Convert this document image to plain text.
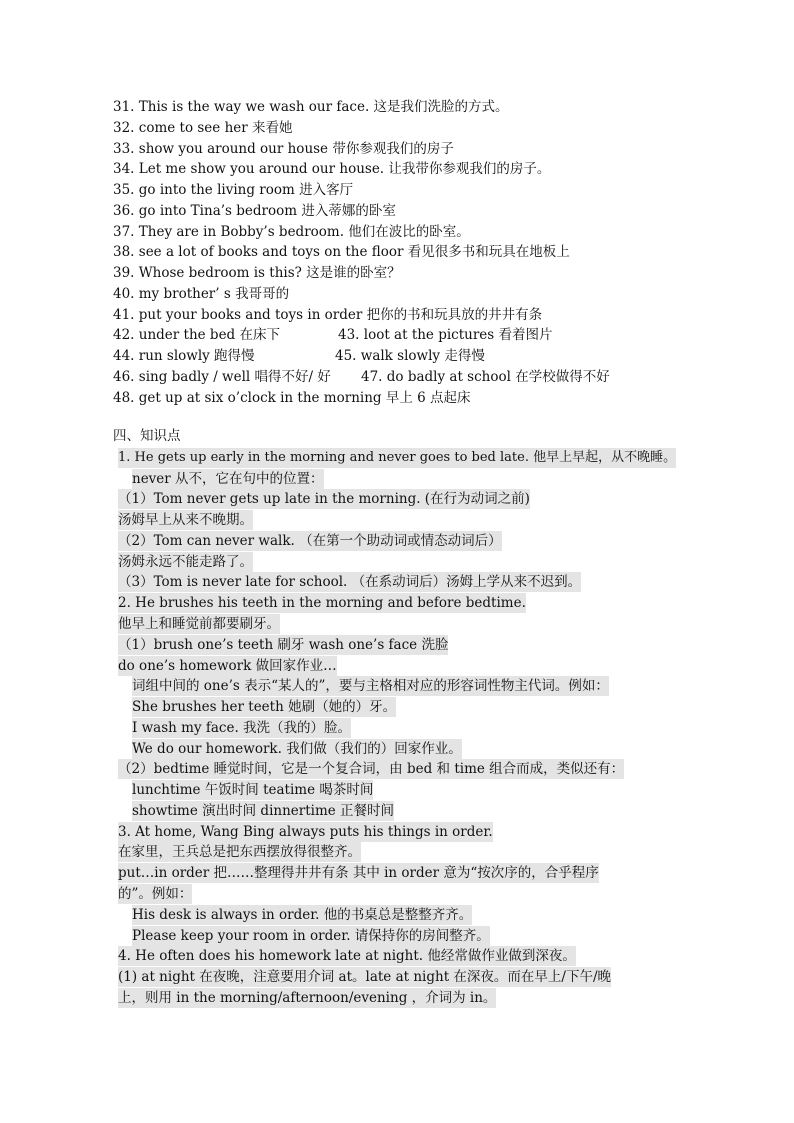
31. This is the way we wash our face. 这是我们洗脸的方式。
32. come to see her 来看她
33. show you around our house 带你参观我们的房子
34. Let me show you around our house. 让我带你参观我们的房子。
35. go into the living room 进入客厅
36. go into Tina’s bedroom 进入蒂娜的卧室
37. They are in Bobby’s bedroom. 他们在波比的卧室。
38. see a lot of books and toys on the floor 看见很多书和玩具在地板上
39. Whose bedroom is this? 这是谁的卧室？
40. my brother’ s 我哥哥的
41. put your books and toys in order 把你的书和玩具放的井井有条
42. under the bed 在床下	43. loot at the pictures 看着图片
44. run slowly 跑得慢	45. walk slowly 走得慢
46. sing badly / well 唱得不好/ 好 47. do badly at school 在学校做得不好
48. get up at six o’clock in the morning 早上 6 点起床
四、知识点
1. He gets up early in the morning and never goes to bed late. 他早上早起，从不晚睡。
never 从不，它在句中的位置：
（1）Tom never gets up late in the morning. (在行为动词之前)
汤姆早上从来不晚期。
（2）Tom can never walk. （在第一个助动词或情态动词后）
汤姆永远不能走路了。
（3）Tom is never late for school. （在系动词后）汤姆上学从来不迟到。
2. He brushes his teeth in the morning and before bedtime.
他早上和睡觉前都要刷牙。
（1）brush one’s teeth 刷牙 wash one’s face 洗脸
do one’s homework 做回家作业…
词组中间的 one’s 表示“某人的”，要与主格相对应的形容词性物主代词。例如：
She brushes her teeth 她刷（她的）牙。
I wash my face. 我洗（我的）脸。
We do our homework. 我们做（我们的）回家作业。
（2）bedtime 睡觉时间，它是一个复合词，由 bed 和 time 组合而成，类似还有：
lunchtime 午饭时间 teatime 喝茶时间
showtime 演出时间 dinnertime 正餐时间
3. At home, Wang Bing always puts his things in order.
在家里，王兵总是把东西摆放得很整齐。
put…in order 把……整理得井井有条 其中 in order 意为“按次序的，合乎程序
的”。例如：
His desk is always in order. 他的书桌总是整整齐齐。
Please keep your room in order. 请保持你的房间整齐。
4. He often does his homework late at night. 他经常做作业做到深夜。
(1) at night 在夜晚，注意要用介词 at。late at night 在深夜。而在早上/下午/晚
上，则用 in the morning/afternoon/evening ，介词为 in。
